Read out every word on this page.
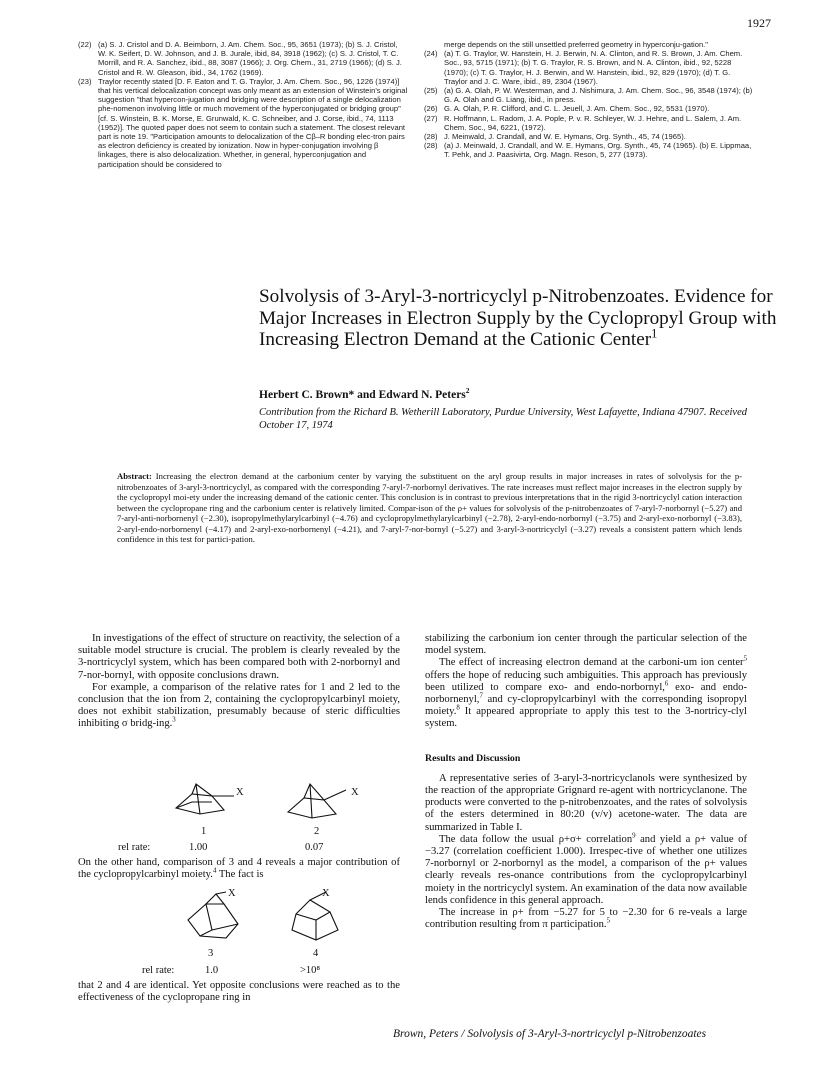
1927

(22) (a) S. J. Cristol and D. A. Beimborn, J. Am. Chem. Soc., 95, 3651 (1973); (b) S. J. Cristol, W. K. Seifert, D. W. Johnson, and J. B. Jurale, ibid, 84, 3918 (1962); (c) S. J. Cristol, T. C. Morrill, and R. A. Sanchez, ibid., 88, 3087 (1966); J. Org. Chem., 31, 2719 (1966); (d) S. J. Cristol and R. W. Gleason, ibid., 34, 1762 (1969).

(23) Traylor recently stated [D. F. Eaton and T. G. Traylor, J. Am. Chem. Soc., 96, 1226 (1974)] that his vertical delocalization concept was only meant as an extension of Winstein's original suggestion "that hypercon-jugation and bridging were description of a single delocalization phe-nomenon involving little or much movement of the hyperconjugated or bridging group" [cf. S. Winstein, B. K. Morse, E. Grunwald, K. C. Schneiber, and J. Corse, ibid., 74, 1113 (1952)]. The quoted paper does not seem to contain such a statement. The closest relevant part is note 19. "Participation amounts to delocalization of the Cβ–R bonding elec-tron pairs as electron deficiency is created by ionization. Now in hyper-conjugation involving β linkages, there is also delocalization. Whether, in general, hyperconjugation and participation should be considered to

merge depends on the still unsettled preferred geometry in hyperconju-gation."

(24) (a) T. G. Traylor, W. Hanstein, H. J. Berwin, N. A. Clinton, and R. S. Brown, J. Am. Chem. Soc., 93, 5715 (1971); (b) T. G. Traylor, R. S. Brown, and N. A. Clinton, ibid., 92, 5228 (1970); (c) T. G. Traylor, H. J. Berwin, and W. Hanstein, ibid., 92, 829 (1970); (d) T. G. Traylor and J. C. Ware, ibid., 89, 2304 (1967).

(25) (a) G. A. Olah, P. W. Westerman, and J. Nishimura, J. Am. Chem. Soc., 96, 3548 (1974); (b) G. A. Olah and G. Liang, ibid., in press.

(26) G. A. Olah, P. R. Clifford, and C. L. Jeuell, J. Am. Chem. Soc., 92, 5531 (1970).

(27) R. Hoffmann, L. Radom, J. A. Pople, P. v. R. Schleyer, W. J. Hehre, and L. Salem, J. Am. Chem. Soc., 94, 6221, (1972).

(28) J. Meinwald, J. Crandall, and W. E. Hymans, Org. Synth., 45, 74 (1965).

(28) (a) J. Meinwald, J. Crandall, and W. E. Hymans, Org. Synth., 45, 74 (1965). (b) E. Lippmaa, T. Pehk, and J. Paasivirta, Org. Magn. Reson, 5, 277 (1973).

Solvolysis of 3-Aryl-3-nortricyclyl p-Nitrobenzoates. Evidence for Major Increases in Electron Supply by the Cyclopropyl Group with Increasing Electron Demand at the Cationic Center$^1$
Herbert C. Brown* and Edward N. Peters$^2$
Contribution from the Richard B. Wetherill Laboratory, Purdue University, West Lafayette, Indiana 47907. Received October 17, 1974
Abstract: Increasing the electron demand at the carbonium center by varying the substituent on the aryl group results in major increases in rates of solvolysis for the p-nitrobenzoates of 3-aryl-3-nortricyclyl, as compared with the corresponding 7-aryl-7-norbornyl derivatives. The rate increases must reflect major increases in the electron supply by the cyclopropyl moi-ety under the increasing demand of the cationic center. This conclusion is in contrast to previous interpretations that in the rigid 3-nortricyclyl cation interaction between the cyclopropane ring and the carbonium center is relatively limited. Compar-ison of the ρ+ values for solvolysis of the p-nitrobenzoates of 7-aryl-7-norbornyl (−5.27) and 7-aryl-anti-norbornenyl (−2.30), isopropylmethylarylcarbinyl (−4.76) and cyclopropylmethylarylcarbinyl (−2.78), 2-aryl-endo-norbornyl (−3.75) and 2-aryl-exo-norbornyl (−3.83), 2-aryl-endo-norbornenyl (−4.17) and 2-aryl-exo-norbornenyl (−4.21), and 7-aryl-7-nor-bornyl (−5.27) and 3-aryl-3-nortricyclyl (−3.27) reveals a consistent pattern which lends confidence in this test for partici-pation.

In investigations of the effect of structure on reactivity, the selection of a suitable model structure is crucial. The problem is clearly revealed by the 3-nortricyclyl system, which has been compared both with 2-norbornyl and 7-nor-bornyl, with opposite conclusions drawn.

For example, a comparison of the relative rates for 1 and 2 led to the conclusion that the ion from 2, containing the cyclopropylcarbinyl moiety, does not exhibit stabilization, presumably because of steric difficulties inhibiting σ bridg-ing.$^3$

X	X
1	2
rel rate:	1.00	0.07

On the other hand, comparison of 3 and 4 reveals a major contribution of the cyclopropylcarbinyl moiety.$^4$ The fact is

X	X
3	4
rel rate:	1.0	>10⁸

that 2 and 4 are identical. Yet opposite conclusions were reached as to the effectiveness of the cyclopropane ring in

stabilizing the carbonium ion center through the particular selection of the model system.

The effect of increasing electron demand at the carboni-um ion center$^5$ offers the hope of reducing such ambiguities. This approach has previously been utilized to compare exo- and endo-norbornyl,$^6$ exo- and endo-norbornenyl,$^7$ and cy-clopropylcarbinyl with the corresponding isopropyl moiety.$^8$ It appeared appropriate to apply this test to the 3-nortricy-clyl system.

Results and Discussion

A representative series of 3-aryl-3-nortricyclanols were synthesized by the reaction of the appropriate Grignard re-agent with nortricyclanone. The products were converted to the p-nitrobenzoates, and the rates of solvolysis of the esters determined in 80:20 (v/v) acetone-water. The data are summarized in Table I.

The data follow the usual ρ+σ+ correlation$^9$ and yield a ρ+ value of −3.27 (correlation coefficient 1.000). Irrespec-tive of whether one utilizes 7-norbornyl or 2-norbornyl as the model, a comparison of the ρ+ values clearly reveals res-onance contributions from the cyclopropylcarbinyl moiety in the nortricyclyl system. An examination of the data now available lends confidence in this general approach.

The increase in ρ+ from −5.27 for 5 to −2.30 for 6 re-veals a large contribution resulting from π participation.$^5$

Brown, Peters / Solvolysis of 3-Aryl-3-nortricyclyl p-Nitrobenzoates
